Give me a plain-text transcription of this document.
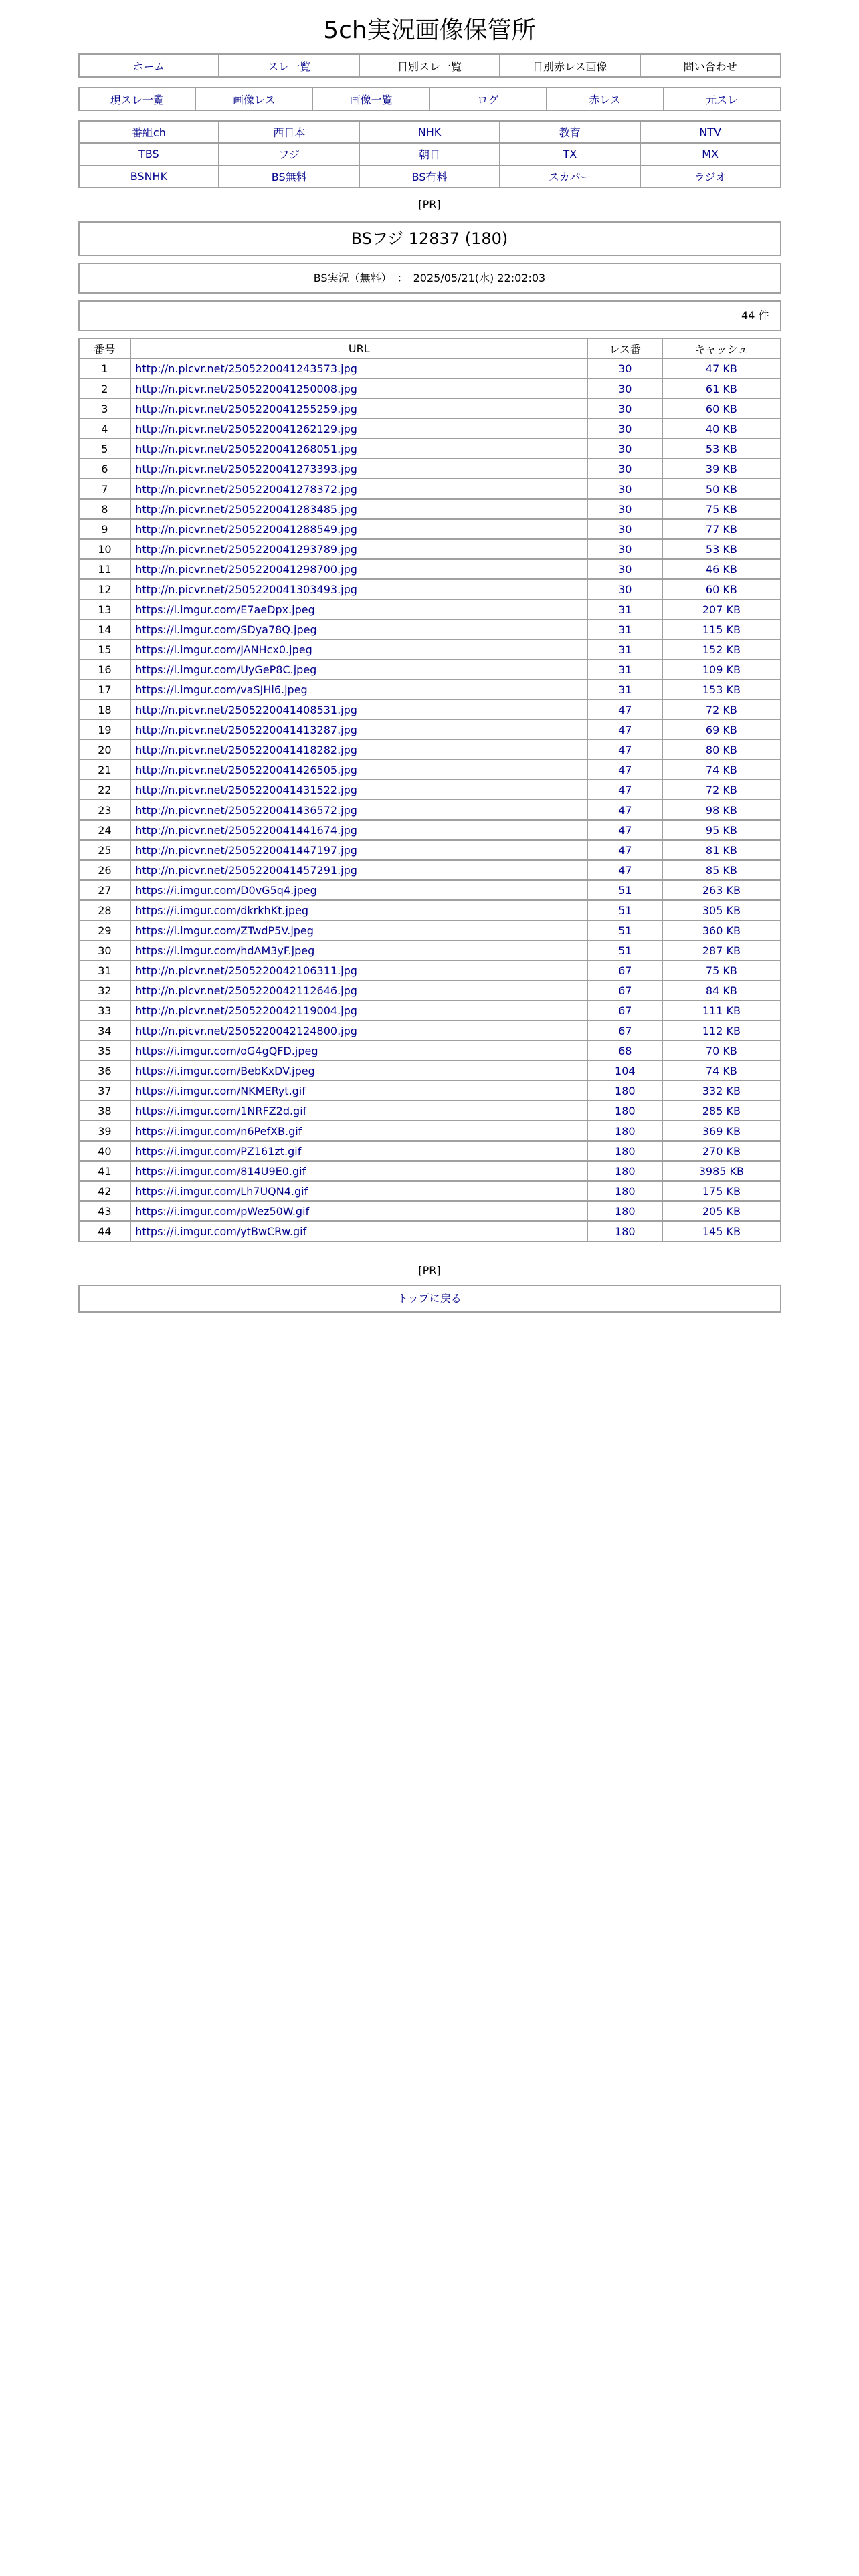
5ch実況画像保管所
ホーム	スレ一覧	日別スレ一覧	日別赤レス画像	問い合わせ
現スレ一覧	画像レス	画像一覧	ログ	赤レス	元スレ
番組ch	西日本	NHK	教育	NTV
TBS	フジ	朝日	TX	MX
BSNHK	BS無料	BS有料	スカパー	ラジオ
[PR]
BSフジ 12837 (180)
BS実況（無料）　：　2025/05/21(水) 22:02:03
44 件
番号	URL	レス番	キャッシュ
1	http://n.picvr.net/2505220041243573.jpg	30	47 KB
2	http://n.picvr.net/2505220041250008.jpg	30	61 KB
3	http://n.picvr.net/2505220041255259.jpg	30	60 KB
4	http://n.picvr.net/2505220041262129.jpg	30	40 KB
5	http://n.picvr.net/2505220041268051.jpg	30	53 KB
6	http://n.picvr.net/2505220041273393.jpg	30	39 KB
7	http://n.picvr.net/2505220041278372.jpg	30	50 KB
8	http://n.picvr.net/2505220041283485.jpg	30	75 KB
9	http://n.picvr.net/2505220041288549.jpg	30	77 KB
10	http://n.picvr.net/2505220041293789.jpg	30	53 KB
11	http://n.picvr.net/2505220041298700.jpg	30	46 KB
12	http://n.picvr.net/2505220041303493.jpg	30	60 KB
13	https://i.imgur.com/E7aeDpx.jpeg	31	207 KB
14	https://i.imgur.com/SDya78Q.jpeg	31	115 KB
15	https://i.imgur.com/JANHcx0.jpeg	31	152 KB
16	https://i.imgur.com/UyGeP8C.jpeg	31	109 KB
17	https://i.imgur.com/vaSJHi6.jpeg	31	153 KB
18	http://n.picvr.net/2505220041408531.jpg	47	72 KB
19	http://n.picvr.net/2505220041413287.jpg	47	69 KB
20	http://n.picvr.net/2505220041418282.jpg	47	80 KB
21	http://n.picvr.net/2505220041426505.jpg	47	74 KB
22	http://n.picvr.net/2505220041431522.jpg	47	72 KB
23	http://n.picvr.net/2505220041436572.jpg	47	98 KB
24	http://n.picvr.net/2505220041441674.jpg	47	95 KB
25	http://n.picvr.net/2505220041447197.jpg	47	81 KB
26	http://n.picvr.net/2505220041457291.jpg	47	85 KB
27	https://i.imgur.com/D0vG5q4.jpeg	51	263 KB
28	https://i.imgur.com/dkrkhKt.jpeg	51	305 KB
29	https://i.imgur.com/ZTwdP5V.jpeg	51	360 KB
30	https://i.imgur.com/hdAM3yF.jpeg	51	287 KB
31	http://n.picvr.net/2505220042106311.jpg	67	75 KB
32	http://n.picvr.net/2505220042112646.jpg	67	84 KB
33	http://n.picvr.net/2505220042119004.jpg	67	111 KB
34	http://n.picvr.net/2505220042124800.jpg	67	112 KB
35	https://i.imgur.com/oG4gQFD.jpeg	68	70 KB
36	https://i.imgur.com/BebKxDV.jpeg	104	74 KB
37	https://i.imgur.com/NKMERyt.gif	180	332 KB
38	https://i.imgur.com/1NRFZ2d.gif	180	285 KB
39	https://i.imgur.com/n6PefXB.gif	180	369 KB
40	https://i.imgur.com/PZ161zt.gif	180	270 KB
41	https://i.imgur.com/814U9E0.gif	180	3985 KB
42	https://i.imgur.com/Lh7UQN4.gif	180	175 KB
43	https://i.imgur.com/pWez50W.gif	180	205 KB
44	https://i.imgur.com/ytBwCRw.gif	180	145 KB
[PR]
トップに戻る
